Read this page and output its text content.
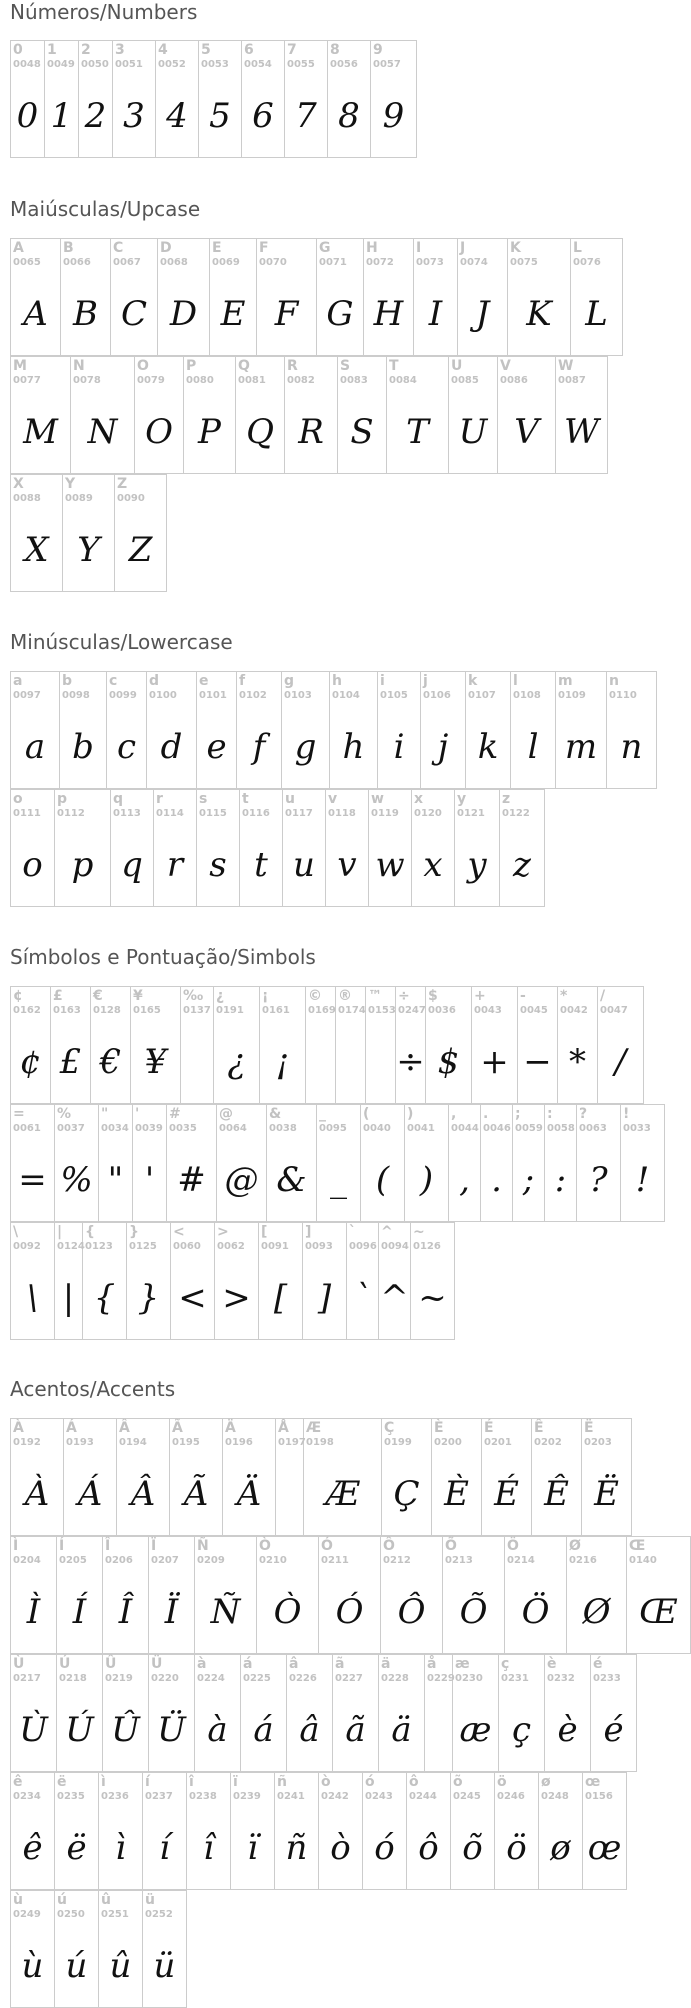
Números/Numbers
Maiúsculas/Upcase
Minúsculas/Lowercase
Símbolos e Pontuação/Simbols
Acentos/Accents
0
0048
0
1
0049
1
2
0050
2
3
0051
3
4
0052
4
5
0053
5
6
0054
6
7
0055
7
8
0056
8
9
0057
9
A
0065
A
B
0066
B
C
0067
C
D
0068
D
E
0069
E
F
0070
F
G
0071
G
H
0072
H
I
0073
I
J
0074
J
K
0075
K
L
0076
L
M
0077
M
N
0078
N
O
0079
O
P
0080
P
Q
0081
Q
R
0082
R
S
0083
S
T
0084
T
U
0085
U
V
0086
V
W
0087
W
X
0088
X
Y
0089
Y
Z
0090
Z
a
0097
a
b
0098
b
c
0099
c
d
0100
d
e
0101
e
f
0102
f
g
0103
g
h
0104
h
i
0105
i
j
0106
j
k
0107
k
l
0108
l
m
0109
m
n
0110
n
o
0111
o
p
0112
p
q
0113
q
r
0114
r
s
0115
s
t
0116
t
u
0117
u
v
0118
v
w
0119
w
x
0120
x
y
0121
y
z
0122
z
¢
0162
¢
£
0163
£
€
0128
€
¥
0165
¥
‰
0137
¿
0191
¿
¡
0161
¡
©
0169
®
0174
™
0153
÷
0247
÷
$
0036
$
+
0043
+
-
0045
−
*
0042
*
/
0047
/
=
0061
=
%
0037
%
"
0034
"
'
0039
'
#
0035
#
@
0064
@
&
0038
&
_
0095
_
(
0040
(
)
0041
)
,
0044
,
.
0046
.
;
0059
;
:
0058
:
?
0063
?
!
0033
!
\
0092
\
|
0124
|
{
0123
{
}
0125
}
<
0060
<
>
0062
>
[
0091
[
]
0093
]
`
0096
`
^
0094
^
~
0126
~
À
0192
À
Á
0193
Á
Â
0194
Â
Ã
0195
Ã
Ä
0196
Ä
Å
0197
Æ
0198
Æ
Ç
0199
Ç
È
0200
È
É
0201
É
Ê
0202
Ê
Ë
0203
Ë
Ì
0204
Ì
Í
0205
Í
Î
0206
Î
Ï
0207
Ï
Ñ
0209
Ñ
Ò
0210
Ò
Ó
0211
Ó
Ô
0212
Ô
Õ
0213
Õ
Ö
0214
Ö
Ø
0216
Ø
Œ
0140
Œ
Ù
0217
Ù
Ú
0218
Ú
Û
0219
Û
Ü
0220
Ü
à
0224
à
á
0225
á
â
0226
â
ã
0227
ã
ä
0228
ä
å
0229
æ
0230
æ
ç
0231
ç
è
0232
è
é
0233
é
ê
0234
ê
ë
0235
ë
ì
0236
ì
í
0237
í
î
0238
î
ï
0239
ï
ñ
0241
ñ
ò
0242
ò
ó
0243
ó
ô
0244
ô
õ
0245
õ
ö
0246
ö
ø
0248
ø
œ
0156
œ
ù
0249
ù
ú
0250
ú
û
0251
û
ü
0252
ü
